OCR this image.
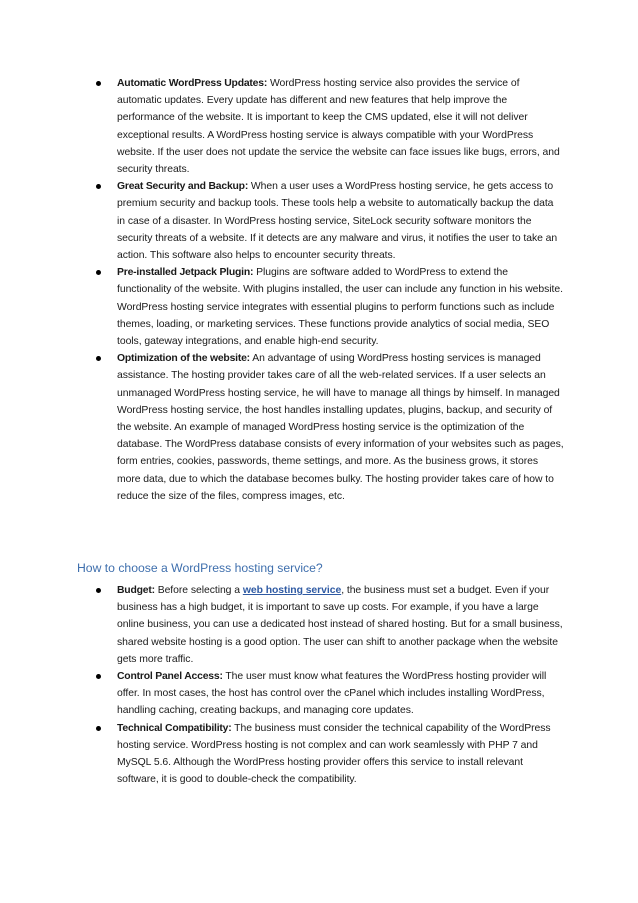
Automatic WordPress Updates: WordPress hosting service also provides the service of automatic updates. Every update has different and new features that help improve the performance of the website. It is important to keep the CMS updated, else it will not deliver exceptional results. A WordPress hosting service is always compatible with your WordPress website. If the user does not update the service the website can face issues like bugs, errors, and security threats.
Great Security and Backup: When a user uses a WordPress hosting service, he gets access to premium security and backup tools. These tools help a website to automatically backup the data in case of a disaster. In WordPress hosting service, SiteLock security software monitors the security threats of a website. If it detects are any malware and virus, it notifies the user to take an action. This software also helps to encounter security threats.
Pre-installed Jetpack Plugin: Plugins are software added to WordPress to extend the functionality of the website. With plugins installed, the user can include any function in his website. WordPress hosting service integrates with essential plugins to perform functions such as include themes, loading, or marketing services. These functions provide analytics of social media, SEO tools, gateway integrations, and enable high-end security.
Optimization of the website: An advantage of using WordPress hosting services is managed assistance. The hosting provider takes care of all the web-related services. If a user selects an unmanaged WordPress hosting service, he will have to manage all things by himself. In managed WordPress hosting service, the host handles installing updates, plugins, backup, and security of the website. An example of managed WordPress hosting service is the optimization of the database. The WordPress database consists of every information of your websites such as pages, form entries, cookies, passwords, theme settings, and more. As the business grows, it stores more data, due to which the database becomes bulky. The hosting provider takes care of how to reduce the size of the files, compress images, etc.
How to choose a WordPress hosting service?
Budget: Before selecting a web hosting service, the business must set a budget. Even if your business has a high budget, it is important to save up costs. For example, if you have a large online business, you can use a dedicated host instead of shared hosting. But for a small business, shared website hosting is a good option. The user can shift to another package when the website gets more traffic.
Control Panel Access: The user must know what features the WordPress hosting provider will offer. In most cases, the host has control over the cPanel which includes installing WordPress, handling caching, creating backups, and managing core updates.
Technical Compatibility: The business must consider the technical capability of the WordPress hosting service. WordPress hosting is not complex and can work seamlessly with PHP 7 and MySQL 5.6. Although the WordPress hosting provider offers this service to install relevant software, it is good to double-check the compatibility.
